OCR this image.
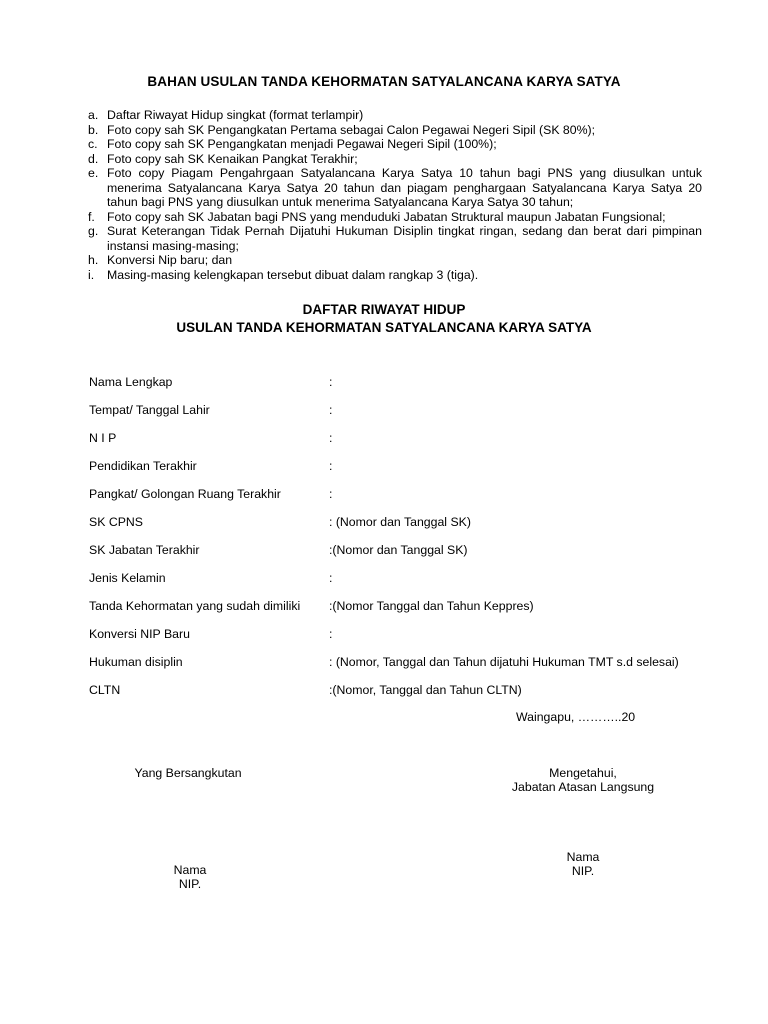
BAHAN USULAN TANDA KEHORMATAN SATYALANCANA KARYA SATYA
a. Daftar Riwayat Hidup singkat (format terlampir)
b. Foto copy sah SK Pengangkatan Pertama sebagai Calon Pegawai Negeri Sipil (SK 80%);
c. Foto copy sah SK Pengangkatan menjadi Pegawai Negeri Sipil (100%);
d. Foto copy sah SK Kenaikan Pangkat Terakhir;
e. Foto copy Piagam Pengahrgaan Satyalancana Karya Satya 10 tahun bagi PNS yang diusulkan untuk menerima Satyalancana Karya Satya 20 tahun dan piagam penghargaan Satyalancana Karya Satya 20 tahun bagi PNS yang diusulkan untuk menerima Satyalancana Karya Satya 30 tahun;
f. Foto copy sah SK Jabatan bagi PNS yang menduduki Jabatan Struktural maupun Jabatan Fungsional;
g. Surat Keterangan Tidak Pernah Dijatuhi Hukuman Disiplin tingkat ringan, sedang dan berat dari pimpinan instansi masing-masing;
h. Konversi Nip baru; dan
i.	Masing-masing kelengkapan tersebut dibuat dalam rangkap 3 (tiga).
DAFTAR RIWAYAT HIDUP
USULAN TANDA KEHORMATAN SATYALANCANA KARYA SATYA
Nama Lengkap	:
Tempat/ Tanggal Lahir	:
N I P	:
Pendidikan Terakhir	:
Pangkat/ Golongan Ruang Terakhir	:
SK CPNS	: (Nomor dan Tanggal SK)
SK Jabatan Terakhir	:(Nomor dan Tanggal SK)
Jenis Kelamin	:
Tanda Kehormatan yang sudah dimiliki :(Nomor Tanggal dan Tahun Keppres)
Konversi NIP Baru	:
Hukuman disiplin	: (Nomor, Tanggal dan Tahun dijatuhi Hukuman TMT s.d selesai)
CLTN	:(Nomor, Tanggal dan Tahun CLTN)
Waingapu, ………..20
Yang Bersangkutan
Nama
NIP.
Mengetahui,
Jabatan Atasan Langsung
Nama
NIP.
